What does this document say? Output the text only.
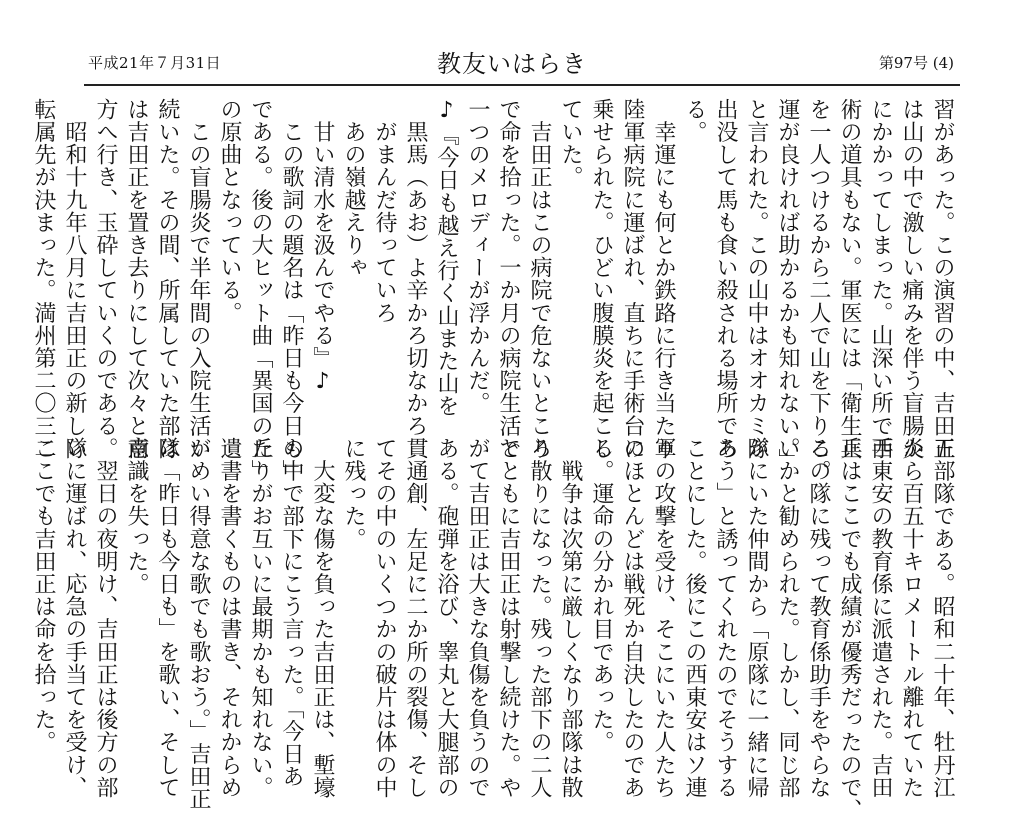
平成21年７月31日	教友いはらき	第97号 (4)
習があった。この演習の中、吉田正
は山の中で激しい痛みを伴う盲腸炎
にかかってしまった。山深い所で手
術の道具もない。軍医には「衛生兵
を一人つけるから二人で山を下りろ。
運が良ければ助かるかも知れない。」
と言われた。この山中はオオカミが
出没して馬も食い殺される場所であ
る。
　幸運にも何とか鉄路に行き当たり
陸軍病院に運ばれ、直ちに手術台に
乗せられた。ひどい腹膜炎を起こし
ていた。
　吉田正はこの病院で危ないところ
で命を拾った。一か月の病院生活で
一つのメロディーが浮かんだ。
♪『今日も越え行く山また山を
　黒馬（あお）よ辛かろ切なかろ
　がまんだ待っていろ
　あの嶺越えりゃ
　甘い清水を汲んでやる』♪
　この歌詞の題名は「昨日も今日も」
である。後の大ヒット曲「異国の丘」
の原曲となっている。
　この盲腸炎で半年間の入院生活が
続いた。その間、所属していた部隊
は吉田正を置き去りにして次々と南
方へ行き、玉砕していくのである。
　昭和十九年八月に吉田正の新しい
転属先が決まった。満州第二〇三二
五部隊である。昭和二十年、牡丹江
から百五十キロメートル離れていた
西東安の教育係に派遣された。吉田
正はここでも成績が優秀だったので、
この隊に残って教育係助手をやらな
いかと勧められた。しかし、同じ部
隊にいた仲間から「原隊に一緒に帰
ろう」と誘ってくれたのでそうする
ことにした。後にこの西東安はソ連
軍の攻撃を受け、そこにいた人たち
のほとんどは戦死か自決したのであ
る。運命の分かれ目であった。
　戦争は次第に厳しくなり部隊は散
り散りになった。残った部下の二人
とともに吉田正は射撃し続けた。や
がて吉田正は大きな負傷を負うので
ある。砲弾を浴び、睾丸と大腿部の
貫通創、左足に二か所の裂傷、そし
てその中のいくつかの破片は体の中
に残った。
　大変な傷を負った吉田正は、塹壕
の中で部下にこう言った。「今日あ
たりがお互いに最期かも知れない。
遺書を書くものは書き、それからめ
いめい得意な歌でも歌おう。」吉田正
は「昨日も今日も」を歌い、そして
意識を失った。
　翌日の夜明け、吉田正は後方の部
隊に運ばれ、応急の手当てを受け、
ここでも吉田正は命を拾った。
